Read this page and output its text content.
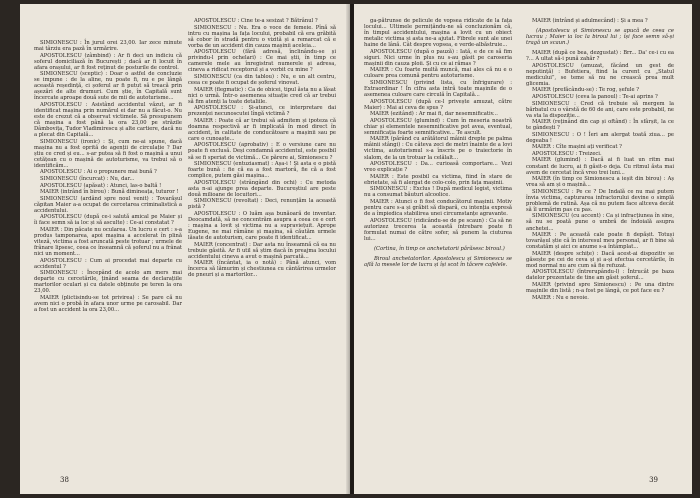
SIMIONESCU : În jurul orei 23,00. Iar zece minute mai târziu era pază în urmărire.

APOSTOLESCU (zâmbind) : Ar fi deci un indiciu că soferul domiciliază în București ; dacă ar fi locuit în afara orașului, ar fi fost reținut de posturile de control.

SIMIONESCU (sceptic) : Doar o astfel de concluzie se impune : de la aline, nu poate fi, nu e pe lângă această reședință, ci șoferul ar fi putut să treacă prin așezări de alte drumuri. Cum știe, în Capitală sunt încercate aproape două sute de mii de autoturisme...

APOSTOLESCU : Asistând accidentul văzut, ar fi identificat mașina prin numărul ei dar nu a făcut-o. Nu este de crezut că a observat victimele. Să presupunem că mașina a fost până la ora 23,00 pe străzile Dâmbovița, Tudor Vladimirescu și alte cartiere, dacă nu a plecat din Capitală...

SIMIONESCU (ironic) : Și, cum ne-ai spune, dacă mașina nu a fost oprită de agenții de circulație ? Dar știu ce cred și eu... s-ar putea să fi fost o mașină a unui cetățean cu o mașină de autoturisme, va trebui să o identificăm...

APOSTOLESCU : Ai o propunere mai bună ?

SIMIONESCU (încurcat) : Nu, dar...

APOSTOLESCU (apăsat) : Atunci, las-o baltă !

MAIER (intrând în birou) : Bună dimineața, tuturor !

SIMIONESCU (ardând spre noul venit) : Tovarășul căpitan Maier a-a ocupat de cercetarea criminalistică a accidentului.

APOSTOLESCU (după ce-i salută amical pe Maier și îi face semn să ia loc și să asculte) : Ce-ai constatat ?

MAIER : Din păcate nu ocularea. Un lucru e cert : s-a produs tamponarea, apoi mașina a accelerat în plină viteză, victima a fost aruncată peste trotuar ; urmele de frânare lipsesc, ceea ce înseamnă că șoferul nu a frânat nici un moment...

APOSTOLESCU : Cum ai procedat mai departe cu accidentul ?

SIMIONESCU : Începând de acolo am mers mai departe cu cercetările, ținând seama de declarațiile martorilor oculari și cu datele obținute pe teren la ora 23,00.

MAIER (plictisindu-se tot privirea) : Se pare că nu avem nici o probă în afara unor urme pe carosabil. Dar a fost un accident la ora 23,00...

APOSTOLESCU : Cine te-a sesizat ? Bătrânul ?

SIMIONESCU : Nu. Era o voce de femeie. Pînă să intru cu mașina la fața locului, probabil că era grăbită să cobor în stradă pentru o vizită și a remarcat că e vorba de un accident din cauza mașinii aceleia...

APOSTOLESCU (fără adresă, înclinându-se și privindu-l prin ochelari) : Ce mai știi, în timp ce camerele mele au înregistrat numerele și adresa, cineva a ridicat receptorul și a vorbit cu mine ?

SIMIONESCU (ca din tablou) : Nu, e un alt centru, ceea ce poate fi ocupat de șoferul vinovat.

MAIER (flegmatic) : Ca de obicei, tipul ăsta nu a lăsat nici o urmă. Într-o asemenea situație cred că ar trebui să fim atenți la toate detaliile.

APOSTOLESCU : Și-atunci, ce interpretare dai prezenței necunoscutei lîngă victimă ?

MAIER : Poate că ar trebui să admitem și ipoteza că doamna respectivă ar fi implicată în mod direct în accident, în calitate de conducătoare a mașinii sau pe care o cunoaște...

APOSTOLESCU (aprobativ) : E o versiune care nu poate fi exclusă. Deși condamnă accidentul, este posibil să se fi speriat de victimă... Ce părere ai, Simionescu ?

SIMIONESCU (entuziasmat) : Așa-i ! Și asta e o pistă foarte bună : fie că ea a fost martoră, fie că a fost complice, putem găsi mașina...

APOSTOLESCU (strângând din ochi) : Cu metoda asta n-ai ajunge prea departe. Bucureștiul are peste două milioane de locuitori...

SIMIONESCU (revoltat) : Deci, renunțăm la această pistă ?

APOSTOLESCU : O luăm așa bunăoară de inventar. Deocamdată, să ne concentrăm asupra a ceea ce e cert : mașina a lovit și victima nu a supraviețuit. Aprope Eugene, ne mai rămâne și mașina, să căutăm urmele lăsate de autoturism, care poate fi identificat...

MAIER (concentrat) : Dar asta nu înseamnă că ea nu trebuie găsită. Ar fi util să știm dacă în preajma locului accidentului cineva a avut o mașină parcată...

MAIER (încântat, ia o notă) : Până atunci, vom încerca să lămurim și chestiunea cu cântărirea urmelor de pneuri și a martorilor...

38

ga-pătrunse de pelicule de vopsea ridicate de la fața locului... Ultimele permițându-ne să concluzionăm că, în timpul accidentului, mașina a lovit cu un obiect metalic victima și asta ne-a ajutat. Fibrele sunt ale unei haine de lână. Cât despre vopsea, e verde-albăstruie...

APOSTOLESCU (după o pauză) : Iată, e de ce să fim siguri. Nici urme în plus nu s-au găsit pe caroseria mașinii din cauza ploii. Și cu ce ai rămas ?

MAIER : Cu foarte multă muncă, mai ales că nu e o culoare prea comună pentru autoturisme.

SIMIONESCU (privind lista, cu înfrigurare) : Extraordinar ! În cifra asta intră toate mașinile de o asemenea culoare care circulă în Capitală...

APOSTOLESCU (după ce-l privește amuzat, către Maier) : Mai ai ceva de spus ?

MAIER (ezitând) : Ar mai fi, dar nesemnificativ...

APOSTOLESCU (glumind) : Cum în meseria noastră chiar și elementele nesemnificative pot avea, eventual, semnificația foarte semnificative... Te ascult.

MAIER (părând cu arătătorul mâinii drepte pe palma mâinii stângi) : Cu câteva zeci de metri înainte de a lovi victima, autoturismul s-a înscris pe o traiectorie în slalom, de la un trotuar la celălalt...

APOSTOLESCU : Da... curioasă comportare... Vezi vreo explicație ?

MAIER : Este posibil ca victima, fiind în stare de ebrietate, să fi alergat de colo-colo, prin fața mașinii.

SIMIONESCU : Exclus ! După medicul legist, victima nu a consumat băuturi alcoolice.

MAIER : Atunci o fi fost conducătorul mașinii. Motiv pentru care s-a și grăbit să dispară, cu intenția expresă de a împiedica stabilirea unei circumstanțe agravante.

APOSTOLESCU (ridicându-se de pe scaun) : Ca să ne autorizez trecerea la această întrebare poate fi formulat numai de către sofer, să punem la ciuturea lui...

(Cortina, în timp ce anchetatorii părăsesc biroul.)

Biroul anchetatorilor. Apostolescu și Simionescu se află la mesele lor de lucru și își scot în tăcere cafelele.

MAIER (intrând și adulmecând) : Și a mea ?

(Apostolescu și Simionescu se apucă de ceea ce lucrau ; Maier ia loc la biroul lui ; își face semn să-și tragă un scaun.)

MAIER (după ce bea, dezgustat) : Brr... Da' ce-i cu ea ?... A ultat să-i pună zahăr ?

APOSTOLESCU (amuzat, făcând un gest de neputință) : Bufetiera, fiind la curent cu „Statul medicului”, se teme să nu ne crească prea mult glicemia.

MAIER (prefăcându-se) : Te rog, șefule ?

APOSTOLESCU (ceva la panoul) : Te-ai aprins ?

SIMIONESCU : Cred că trebuie să mergem la bărbatul cu o vârstă de 60 de ani, care este probabil, ne va sta la dispoziție...

MAIER (reținând din cap și oftând) : În sfârșit, la ce te gândești ?

SIMIONESCU : O ! Îeri am alergat toată ziua... pe degeaba !

MAIER : Cîte mașini ați verificat ?

APOSTOLESCU : Treizeci.

MAIER (glumind) : Dacă ai fi luat un ritm mai constant de lucru, ai fi găsit-o deja. Cu ritmul ăsta mai avem de cercetat încă vreo trei luni...

MAIER (în timp ce Simionescu a ieșit din birou) : Aș vrea să am și o mașină...

SIMIONESCU : Pe ce ? De Indală ce nu mai putem învia victima, capturarea infractorului devine o simplă problemă de rutină. Așa că nu putem face altceva decât să îl urmărim pas cu pas.

SIMIONESCU (cu accent) : Ca și infracțiunea în sine, să nu se poată pune o umbră de îndoială asupra anchetei...

MAIER : Pe această cale poate fi depășit. Totuși tovarășul știe că în interesul meu personal, ar fi bine să constatăm și aici ce anume s-a întâmplat...

MAIER (despre schițe) : Dacă acest-ai dispozitiv se găsește pe cei de ceva și și a-și efectua cercetările, în mod normal nu are cum să fie refuzat.

APOSTOLESCU (întrerupându-l) : Întrucât pe baza datelor prezentate de tine am găsit șoferul...

MAIER (privind spre Simionescu) : Pe una dintre mașinile din listă ; n-a fost pe lângă, ce pot face eu ?

MAIER : Nu e nevoie.

39
